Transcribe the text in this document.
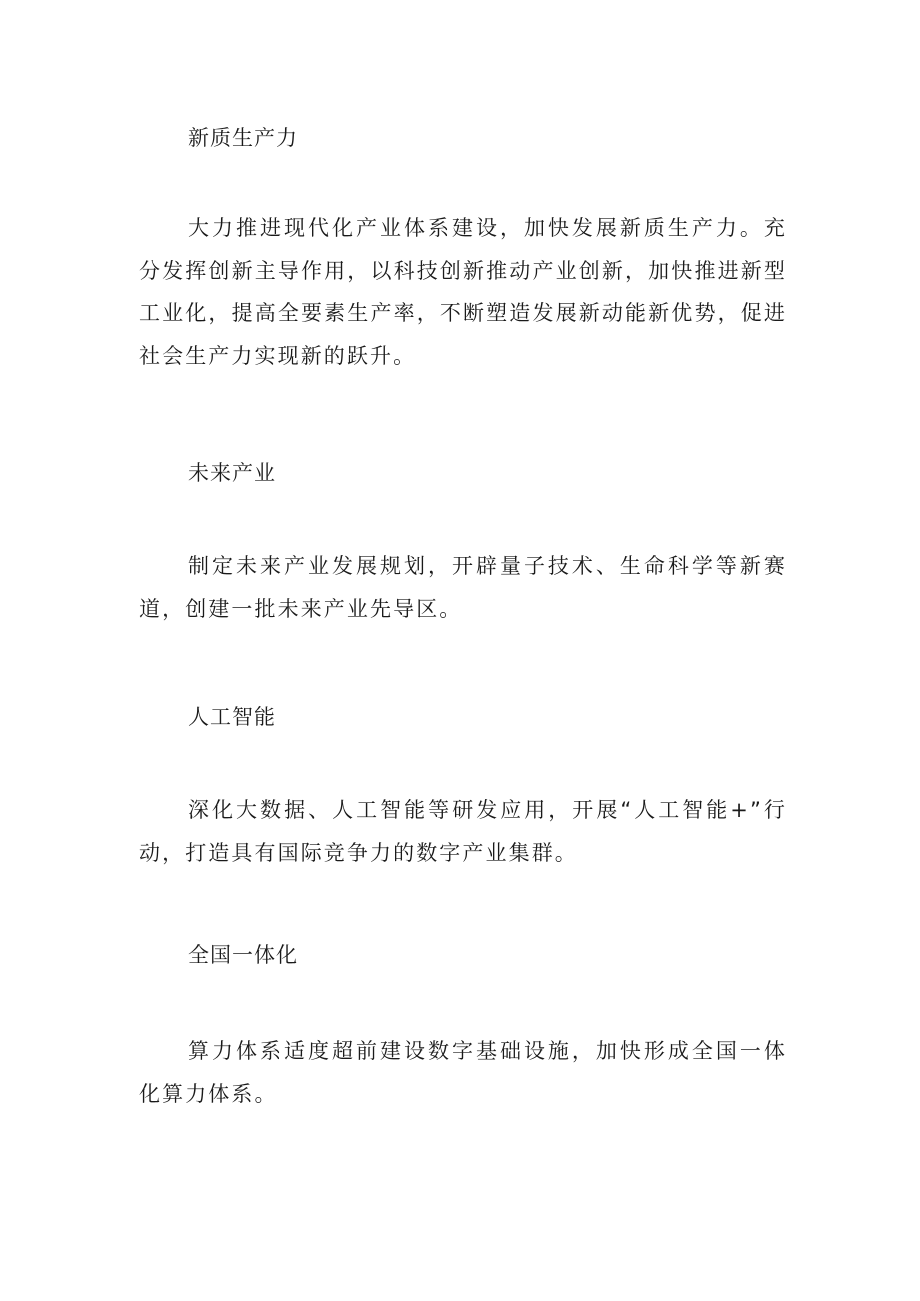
新质生产力

大力推进现代化产业体系建设，加快发展新质生产力。充分发挥创新主导作用，以科技创新推动产业创新，加快推进新型工业化，提高全要素生产率，不断塑造发展新动能新优势，促进社会生产力实现新的跃升。

未来产业

制定未来产业发展规划，开辟量子技术、生命科学等新赛道，创建一批未来产业先导区。

人工智能

深化大数据、人工智能等研发应用，开展“人工智能+”行动，打造具有国际竞争力的数字产业集群。

全国一体化

算力体系适度超前建设数字基础设施，加快形成全国一体化算力体系。
